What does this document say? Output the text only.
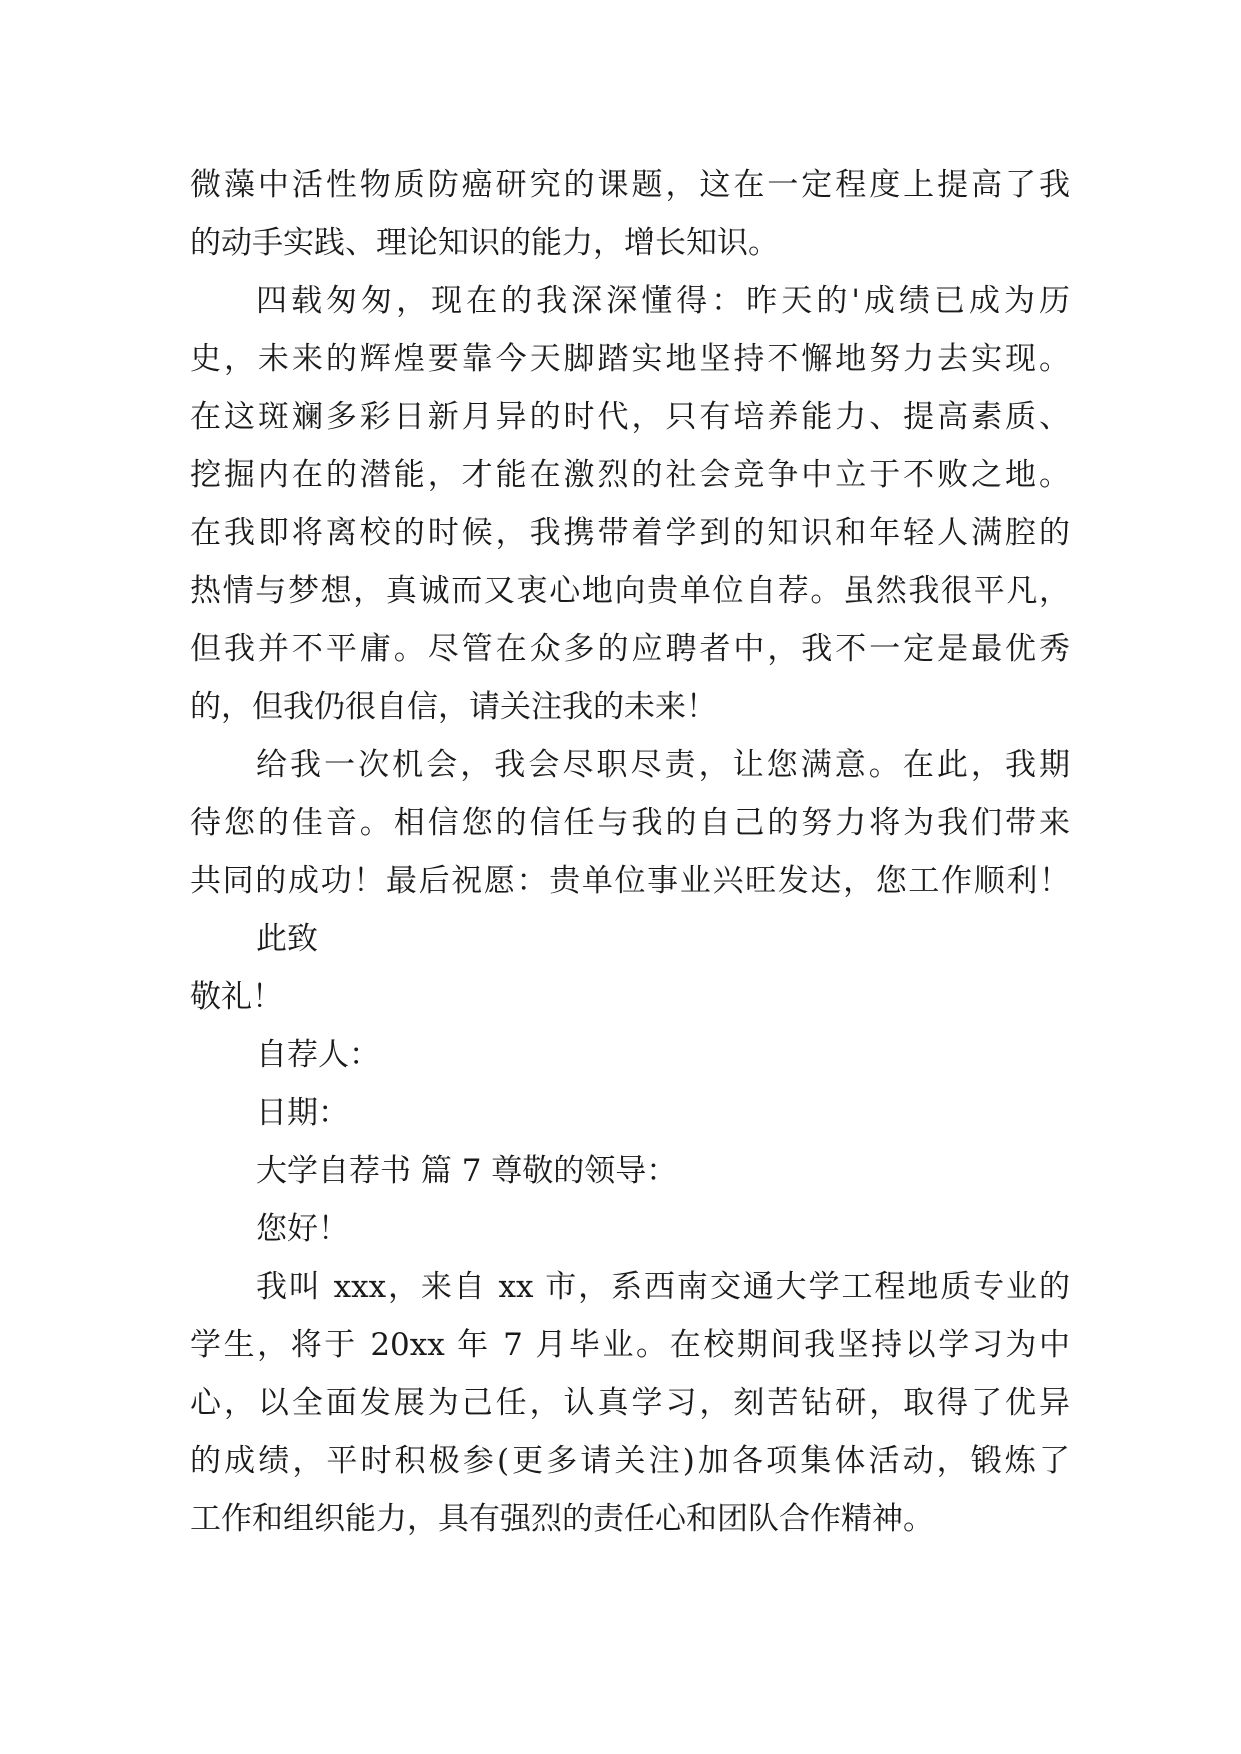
微藻中活性物质防癌研究的课题，这在一定程度上提高了我
的动手实践、理论知识的能力，增长知识。
四载匆匆，现在的我深深懂得：昨天的'成绩已成为历
史，未来的辉煌要靠今天脚踏实地坚持不懈地努力去实现。
在这斑斓多彩日新月异的时代，只有培养能力、提高素质、
挖掘内在的潜能，才能在激烈的社会竞争中立于不败之地。
在我即将离校的时候，我携带着学到的知识和年轻人满腔的
热情与梦想，真诚而又衷心地向贵单位自荐。虽然我很平凡，
但我并不平庸。尽管在众多的应聘者中，我不一定是最优秀
的，但我仍很自信，请关注我的未来！
给我一次机会，我会尽职尽责，让您满意。在此，我期
待您的佳音。相信您的信任与我的自己的努力将为我们带来
共同的成功！最后祝愿：贵单位事业兴旺发达，您工作顺利！
此致
敬礼！
自荐人：
日期：
大学自荐书 篇 7 尊敬的领导：
您好！
我叫 xxx，来自 xx 市，系西南交通大学工程地质专业的
学生，将于 20xx 年 7 月毕业。在校期间我坚持以学习为中
心，以全面发展为己任，认真学习，刻苦钻研，取得了优异
的成绩，平时积极参(更多请关注)加各项集体活动，锻炼了
工作和组织能力，具有强烈的责任心和团队合作精神。
